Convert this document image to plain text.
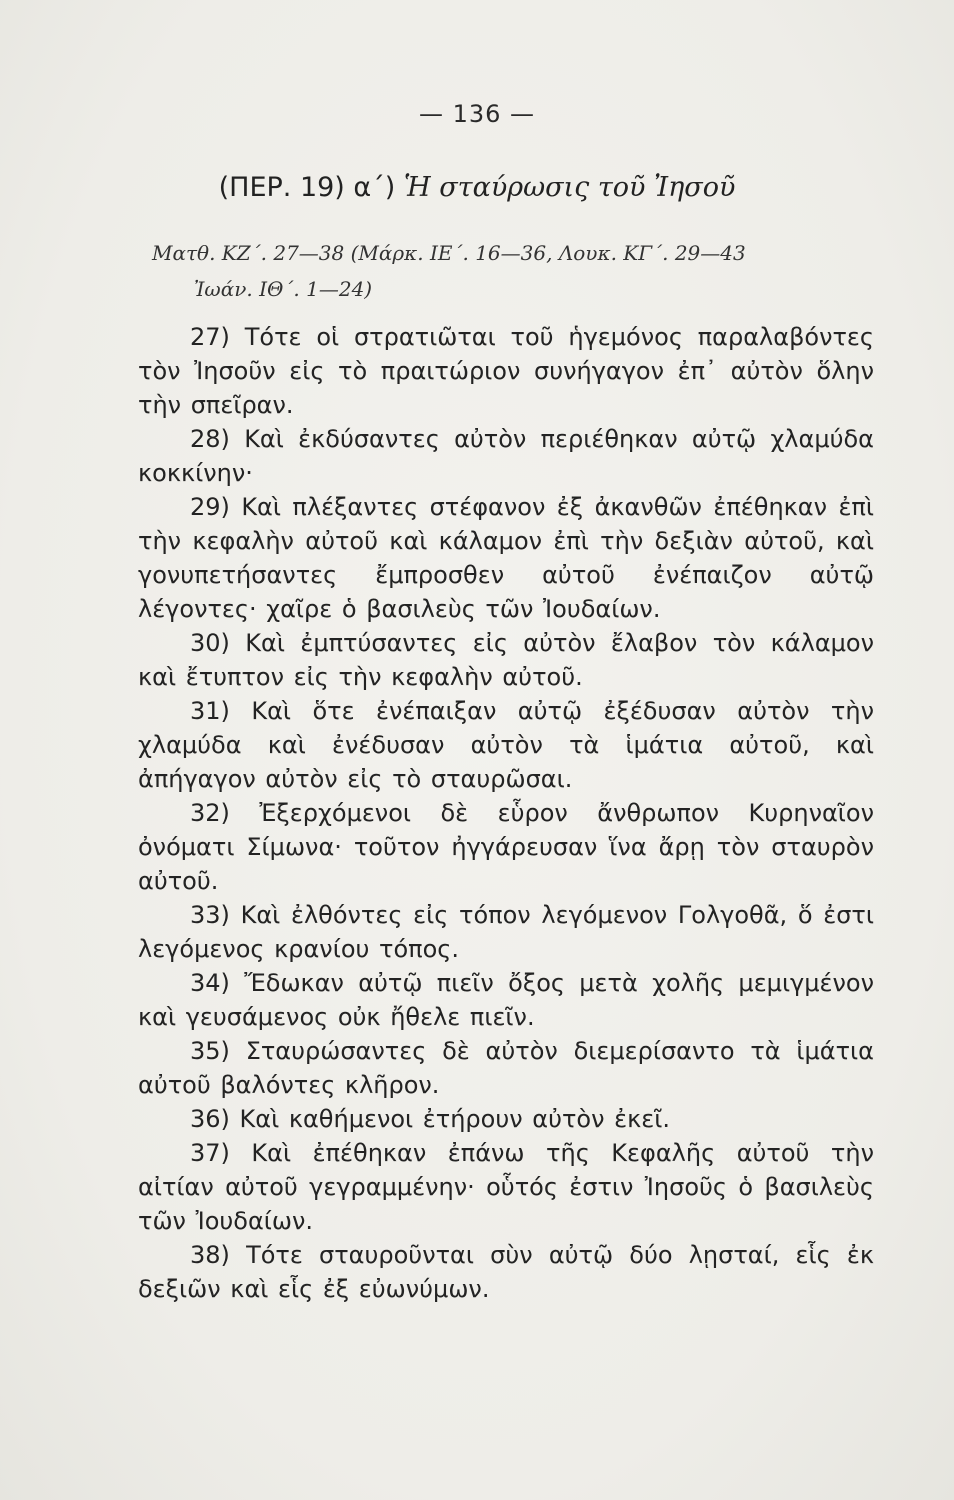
— 136 —
(ΠΕΡ. 19) α΄) Ἡ σταύρωσις τοῦ Ἰησοῦ
Ματθ. ΚΖ΄. 27—38 (Μάρκ. ΙΕ΄. 16—36, Λουκ. ΚΓ΄. 29—43
Ἰωάν. ΙΘ΄. 1—24)

27) Τότε οἱ στρατιῶται τοῦ ἡγεμόνος παραλαβόντες τὸν Ἰησοῦν εἰς τὸ πραιτώριον συνήγαγον ἐπ᾽ αὐτὸν ὅλην τὴν σπεῖραν.

28) Καὶ ἐκδύσαντες αὐτὸν περιέθηκαν αὐτῷ χλαμύδα κοκκίνην·

29) Καὶ πλέξαντες στέφανον ἐξ ἀκανθῶν ἐπέθηκαν ἐπὶ τὴν κεφαλὴν αὐτοῦ καὶ κάλαμον ἐπὶ τὴν δεξιὰν αὐτοῦ, καὶ γονυπετήσαντες ἔμπροσθεν αὐτοῦ ἐνέπαιζον αὐτῷ λέγοντες· χαῖρε ὁ βασιλεὺς τῶν Ἰουδαίων.

30) Καὶ ἐμπτύσαντες εἰς αὐτὸν ἔλαβον τὸν κάλαμον καὶ ἔτυπτον εἰς τὴν κεφαλὴν αὐτοῦ.

31) Καὶ ὅτε ἐνέπαιξαν αὐτῷ ἐξέδυσαν αὐτὸν τὴν χλαμύδα καὶ ἐνέδυσαν αὐτὸν τὰ ἱμάτια αὐτοῦ, καὶ ἀπήγαγον αὐτὸν εἰς τὸ σταυρῶσαι.

32) Ἐξερχόμενοι δὲ εὗρον ἄνθρωπον Κυρηναῖον ὀνόματι Σίμωνα· τοῦτον ἠγγάρευσαν ἵνα ἄρῃ τὸν σταυρὸν αὐτοῦ.

33) Καὶ ἐλθόντες εἰς τόπον λεγόμενον Γολγοθᾶ, ὅ ἐστι λεγόμενος κρανίου τόπος.

34) Ἔδωκαν αὐτῷ πιεῖν ὄξος μετὰ χολῆς μεμιγμένον καὶ γευσάμενος οὐκ ἤθελε πιεῖν.

35) Σταυρώσαντες δὲ αὐτὸν διεμερίσαντο τὰ ἱμάτια αὐτοῦ βαλόντες κλῆρον.

36) Καὶ καθήμενοι ἐτήρουν αὐτὸν ἐκεῖ.

37) Καὶ ἐπέθηκαν ἐπάνω τῆς Κεφαλῆς αὐτοῦ τὴν αἰτίαν αὐτοῦ γεγραμμένην· οὗτός ἐστιν Ἰησοῦς ὁ βασιλεὺς τῶν Ἰουδαίων.

38) Τότε σταυροῦνται σὺν αὐτῷ δύο λῃσταί, εἷς ἐκ δεξιῶν καὶ εἷς ἐξ εὐωνύμων.
